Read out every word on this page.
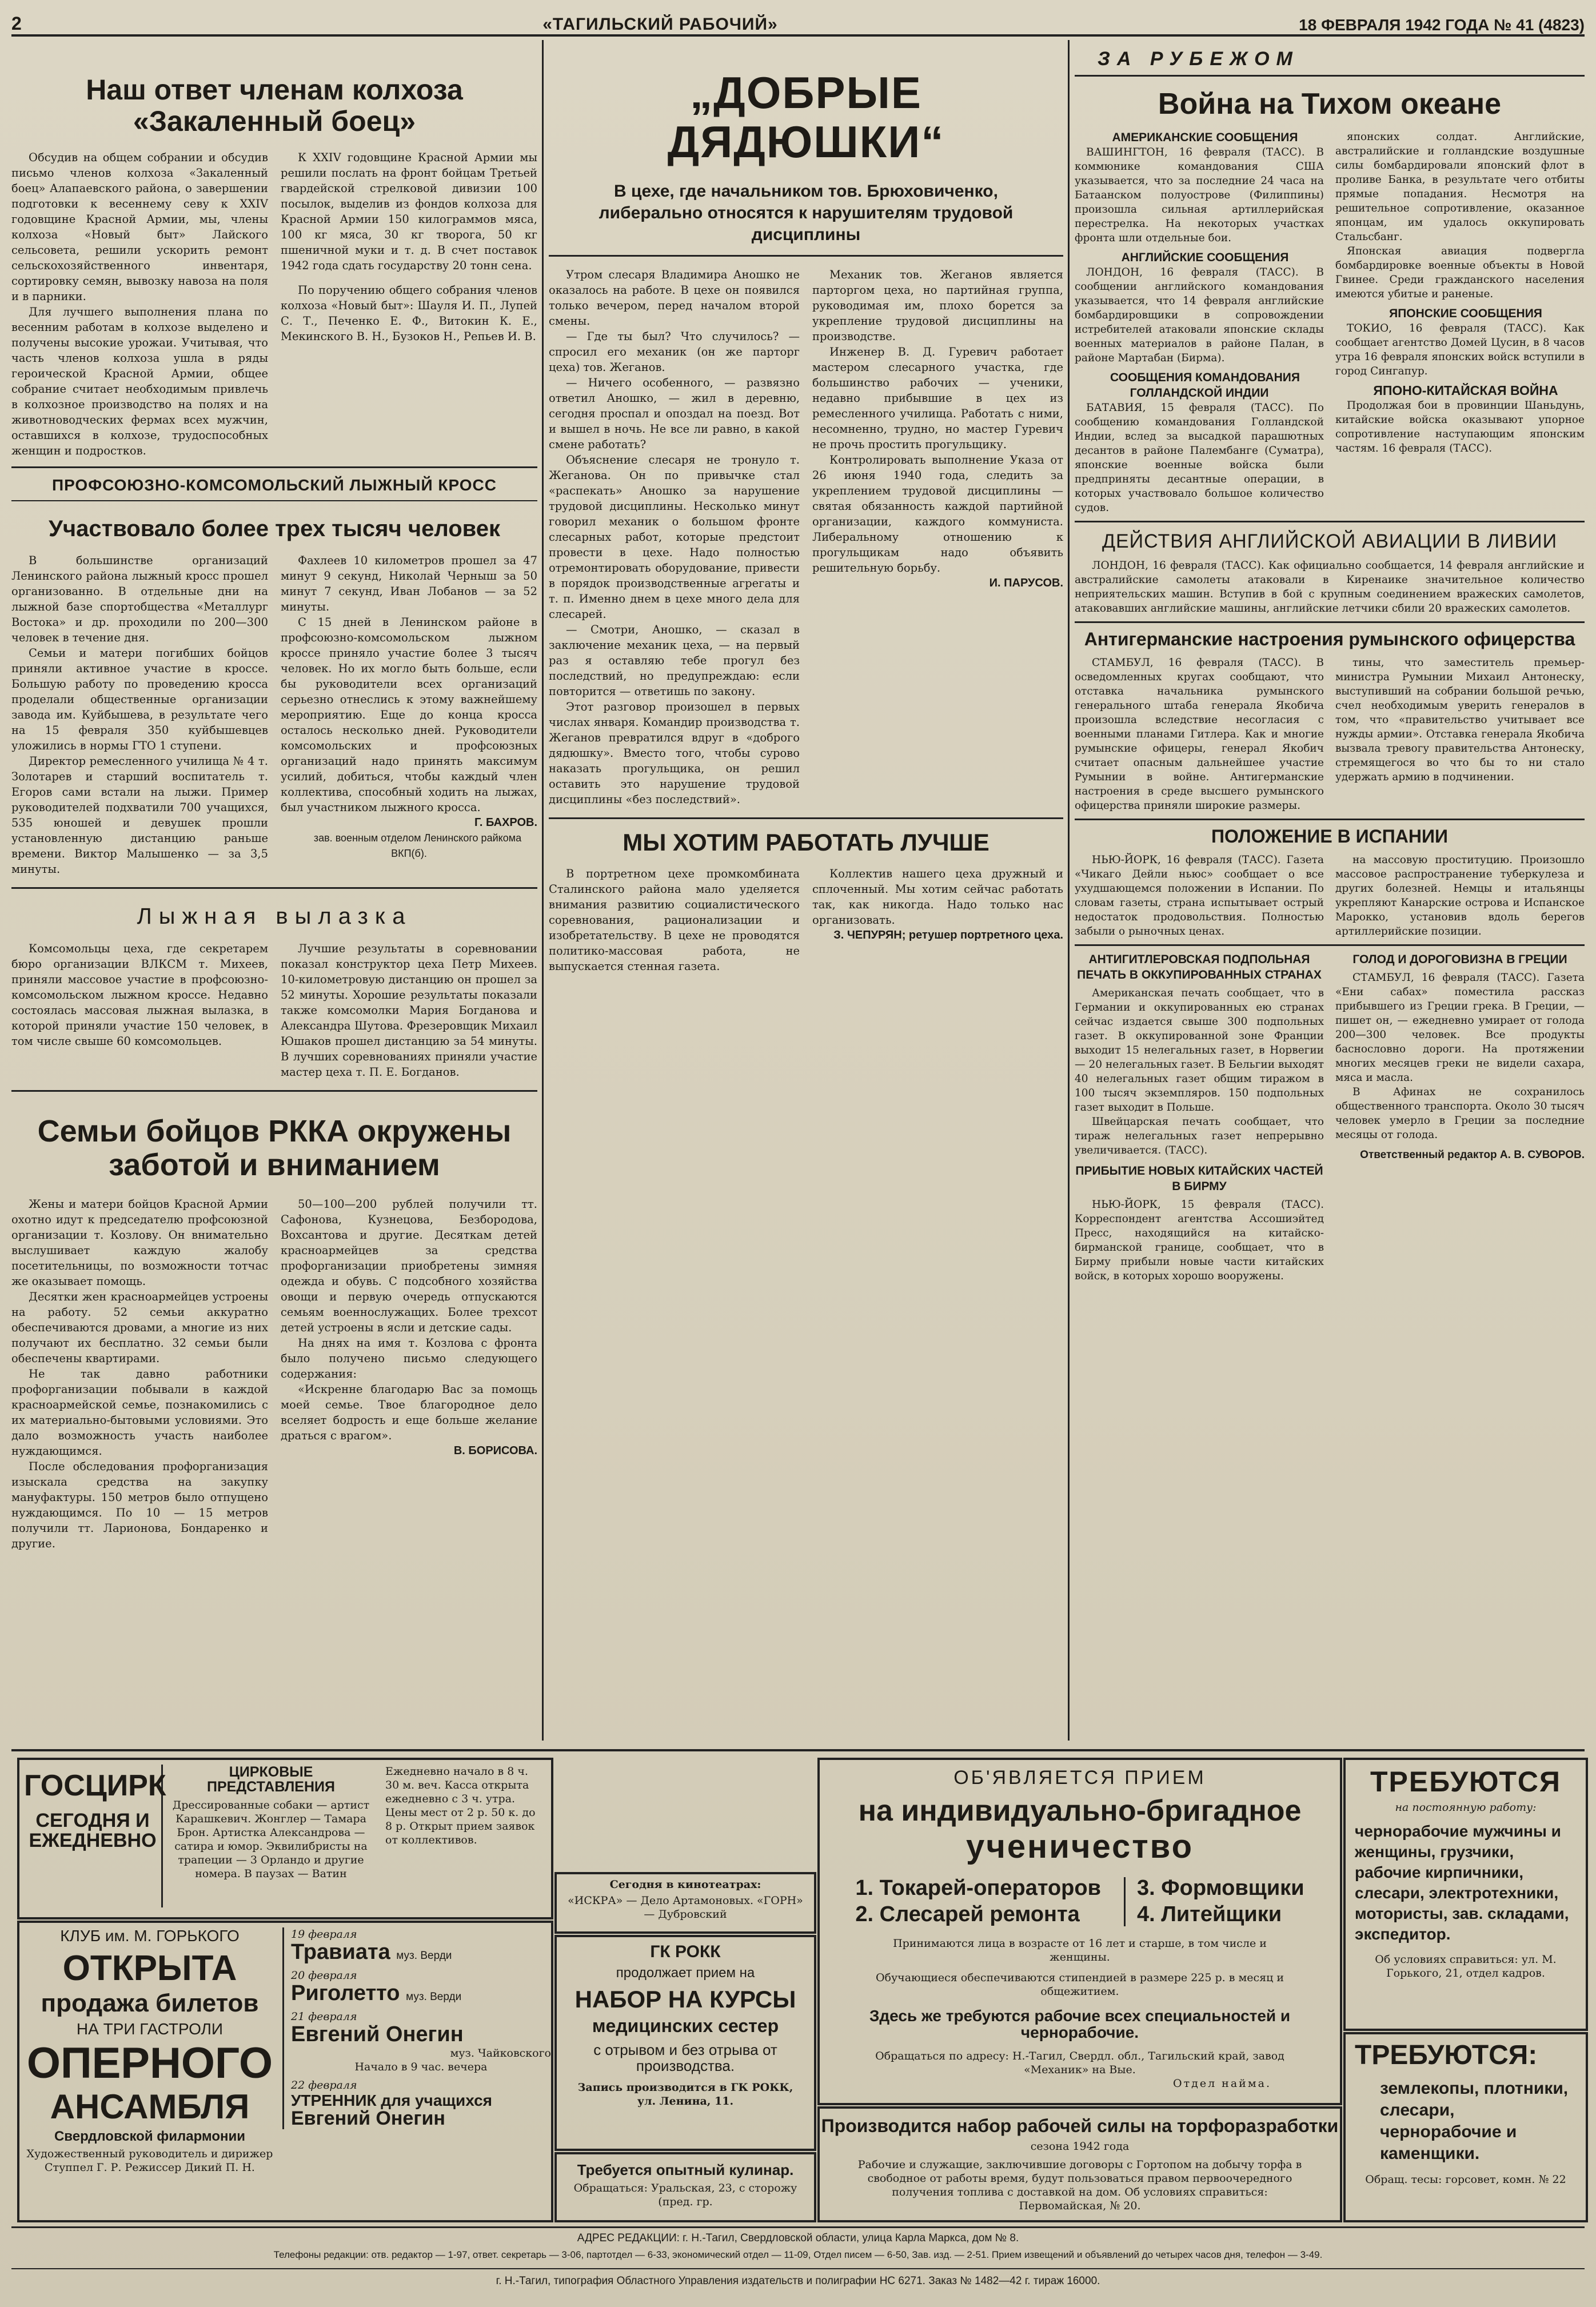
2	«ТАГИЛЬСКИЙ РАБОЧИЙ»	18 ФЕВРАЛЯ 1942 ГОДА № 41 (4823)
Наш ответ членам колхоза «Закаленный боец»

Обсудив на общем собрании и обсудив письмо членов колхоза «Закаленный боец» Алапаевского района, о завершении подготовки к весеннему севу к XXIV годовщине Красной Армии, мы, члены колхоза «Новый быт» Лайского сельсовета, решили ускорить ремонт сельскохозяйственного инвентаря, сортировку семян, вывозку навоза на поля и в парники.

Для лучшего выполнения плана по весенним работам в колхозе выделено и получены высокие урожаи. Учитывая, что часть членов колхоза ушла в ряды героической Красной Армии, общее собрание считает необходимым привлечь в колхозное производство на полях и на животноводческих фермах всех мужчин, оставшихся в колхозе, трудоспособных женщин и подростков.

К XXIV годовщине Красной Армии мы решили послать на фронт бойцам Третьей гвардейской стрелковой дивизии 100 посылок, выделив из фондов колхоза для Красной Армии 150 килограммов мяса, 100 кг мяса, 30 кг творога, 50 кг пшеничной муки и т. д. В счет поставок 1942 года сдать государству 20 тонн сена.

По поручению общего собрания членов колхоза «Новый быт»: Шауля И. П., Лупей С. Т., Печенко Е. Ф., Витокин К. Е., Мекинского В. Н., Бузоков Н., Репьев И. В.

ПРОФСОЮЗНО-КОМСОМОЛЬСКИЙ ЛЫЖНЫЙ КРОСС
Участвовало более трех тысяч человек

В большинстве организаций Ленинского района лыжный кросс прошел организованно. В отдельные дни на лыжной базе спортобщества «Металлург Востока» и др. проходили по 200—300 человек в течение дня.

Семьи и матери погибших бойцов приняли активное участие в кроссе. Большую работу по проведению кросса проделали общественные организации завода им. Куйбышева, в результате чего на 15 февраля 350 куйбышевцев уложились в нормы ГТО 1 ступени.

Директор ремесленного училища № 4 т. Золотарев и старший воспитатель т. Егоров сами встали на лыжи. Пример руководителей подхватили 700 учащихся, 535 юношей и девушек прошли установленную дистанцию раньше времени. Виктор Малышенко — за 3,5 минуты.

Фахлеев 10 километров прошел за 47 минут 9 секунд, Николай Черныш за 50 минут 7 секунд, Иван Лобанов — за 52 минуты.

С 15 дней в Ленинском районе в профсоюзно-комсомольском лыжном кроссе приняло участие более 3 тысяч человек. Но их могло быть больше, если бы руководители всех организаций серьезно отнеслись к этому важнейшему мероприятию. Еще до конца кросса осталось несколько дней. Руководители комсомольских и профсоюзных организаций надо принять максимум усилий, добиться, чтобы каждый член коллектива, способный ходить на лыжах, был участником лыжного кросса.

Г. БАХРОВ.
зав. военным отделом Ленинского райкома ВКП(б).
Лыжная вылазка
Комсомольцы цеха, где секретарем бюро организации ВЛКСМ т. Михеев, приняли массовое участие в профсоюзно-комсомольском лыжном кроссе. Недавно состоялась массовая лыжная вылазка, в которой приняли участие 150 человек, в том числе свыше 60 комсомольцев.
Лучшие результаты в соревновании показал конструктор цеха Петр Михеев. 10-километровую дистанцию он прошел за 52 минуты. Хорошие результаты показали также комсомолки Мария Богданова и Александра Шутова. Фрезеровщик Михаил Юшаков прошел дистанцию за 54 минуты. В лучших соревнованиях приняли участие мастер цеха т. П. Е. Богданов.
Семьи бойцов РККА окружены заботой и вниманием

Жены и матери бойцов Красной Армии охотно идут к председателю профсоюзной организации т. Козлову. Он внимательно выслушивает каждую жалобу посетительницы, по возможности тотчас же оказывает помощь.

Десятки жен красноармейцев устроены на работу. 52 семьи аккуратно обеспечиваются дровами, а многие из них получают их бесплатно. 32 семьи были обеспечены квартирами.

Не так давно работники профорганизации побывали в каждой красноармейской семье, познакомились с их материально-бытовыми условиями. Это дало возможность участь наиболее нуждающимся.

После обследования профорганизация изыскала средства на закупку мануфактуры. 150 метров было отпущено нуждающимся. По 10 — 15 метров получили тт. Ларионова, Бондаренко и другие.

50—100—200 рублей получили тт. Сафонова, Кузнецова, Безбородова, Вохсантова и другие. Десяткам детей красноармейцев за средства профорганизации приобретены зимняя одежда и обувь. С подсобного хозяйства овощи и первую очередь отпускаются семьям военнослужащих. Более трехсот детей устроены в ясли и детские сады.

На днях на имя т. Козлова с фронта было получено письмо следующего содержания:

«Искренне благодарю Вас за помощь моей семье. Твое благородное дело вселяет бодрость и еще больше желание драться с врагом».

В. БОРИСОВА.
„ДОБРЫЕ ДЯДЮШКИ“
В цехе, где начальником тов. Брюховиченко, либерально относятся к нарушителям трудовой дисциплины

Утром слесаря Владимира Аношко не оказалось на работе. В цехе он появился только вечером, перед началом второй смены.

— Где ты был? Что случилось? — спросил его механик (он же парторг цеха) тов. Жеганов.

— Ничего особенного, — развязно ответил Аношко, — жил в деревню, сегодня проспал и опоздал на поезд. Вот и вышел в ночь. Не все ли равно, в какой смене работать?

Объяснение слесаря не тронуло т. Жеганова. Он по привычке стал «распекать» Аношко за нарушение трудовой дисциплины. Несколько минут говорил механик о большом фронте слесарных работ, которые предстоит провести в цехе. Надо полностью отремонтировать оборудование, привести в порядок производственные агрегаты и т. п. Именно днем в цехе много дела для слесарей.

— Смотри, Аношко, — сказал в заключение механик цеха, — на первый раз я оставляю тебе прогул без последствий, но предупреждаю: если повторится — ответишь по закону.

Этот разговор произошел в первых числах января. Командир производства т. Жеганов превратился вдруг в «доброго дядюшку». Вместо того, чтобы сурово наказать прогульщика, он решил оставить это нарушение трудовой дисциплины «без последствий».

Механик тов. Жеганов является парторгом цеха, но партийная группа, руководимая им, плохо борется за укрепление трудовой дисциплины на производстве.

Инженер В. Д. Гуревич работает мастером слесарного участка, где большинство рабочих — ученики, недавно прибывшие в цех из ремесленного училища. Работать с ними, несомненно, трудно, но мастер Гуревич не прочь простить прогульщику.

Контролировать выполнение Указа от 26 июня 1940 года, следить за укреплением трудовой дисциплины — святая обязанность каждой партийной организации, каждого коммуниста. Либеральному отношению к прогульщикам надо объявить решительную борьбу.

И. ПАРУСОВ.
МЫ ХОТИМ РАБОТАТЬ ЛУЧШЕ
В портретном цехе промкомбината Сталинского района мало уделяется внимания развитию социалистического соревнования, рационализации и изобретательству. В цехе не проводятся политико-массовая работа, не выпускается стенная газета.

Коллектив нашего цеха дружный и сплоченный. Мы хотим сейчас работать так, как никогда. Надо только нас организовать.

З. ЧЕПУРЯН; ретушер портретного цеха.
ЗА РУБЕЖОМ
Война на Тихом океане
АМЕРИКАНСКИЕ СООБЩЕНИЯ

ВАШИНГТОН, 16 февраля (ТАСС). В коммюнике командования США указывается, что за последние 24 часа на Батаанском полуострове (Филиппины) произошла сильная артиллерийская перестрелка. На некоторых участках фронта шли отдельные бои.

АНГЛИЙСКИЕ СООБЩЕНИЯ

ЛОНДОН, 16 февраля (ТАСС). В сообщении английского командования указывается, что 14 февраля английские бомбардировщики в сопровождении истребителей атаковали японские склады военных материалов в районе Палан, в районе Мартабан (Бирма).

СООБЩЕНИЯ КОМАНДОВАНИЯ ГОЛЛАНДСКОЙ ИНДИИ

БАТАВИЯ, 15 февраля (ТАСС). По сообщению командования Голландской Индии, вслед за высадкой парашютных десантов в районе Палембанге (Суматра), японские военные войска были предприняты десантные операции, в которых участвовало большое количество судов.

японских солдат. Английские, австралийские и голландские воздушные силы бомбардировали японский флот в проливе Банка, в результате чего отбиты прямые попадания. Несмотря на решительное сопротивление, оказанное японцам, им удалось оккупировать Стальсбанг.

Японская авиация подвергла бомбардировке военные объекты в Новой Гвинее. Среди гражданского населения имеются убитые и раненые.

ЯПОНСКИЕ СООБЩЕНИЯ

ТОКИО, 16 февраля (ТАСС). Как сообщает агентство Домей Цусин, в 8 часов утра 16 февраля японских войск вступили в город Сингапур.

ЯПОНО-КИТАЙСКАЯ ВОЙНА

Продолжая бои в провинции Шаньдунь, китайские войска оказывают упорное сопротивление наступающим японским частям. 16 февраля (ТАСС).

ДЕЙСТВИЯ АНГЛИЙСКОЙ АВИАЦИИ В ЛИВИИ
ЛОНДОН, 16 февраля (ТАСС). Как официально сообщается, 14 февраля английские и австралийские самолеты атаковали в Киренаике значительное количество неприятельских машин. Вступив в бой с крупным соединением вражеских самолетов, атаковавших английские машины, английские летчики сбили 20 вражеских самолетов.
Антигерманские настроения румынского офицерства
СТАМБУЛ, 16 февраля (ТАСС). В осведомленных кругах сообщают, что отставка начальника румынского генерального штаба генерала Якобича произошла вследствие несогласия с военными планами Гитлера. Как и многие румынские офицеры, генерал Якобич считает опасным дальнейшее участие Румынии в войне. Антигерманские настроения в среде высшего румынского офицерства приняли широкие размеры.
тины, что заместитель премьер-министра Румынии Михаил Антонеску, выступивший на собрании большой речью, счел необходимым уверить генералов в том, что «правительство учитывает все нужды армии». Отставка генерала Якобича вызвала тревогу правительства Антонеску, стремящегося во что бы то ни стало удержать армию в подчинении.
ПОЛОЖЕНИЕ В ИСПАНИИ
НЬЮ-ЙОРК, 16 февраля (ТАСС). Газета «Чикаго Дейли ньюс» сообщает о все ухудшающемся положении в Испании. По словам газеты, страна испытывает острый недостаток продовольствия. Полностью забыли о рыночных ценах.
на массовую проституцию. Произошло массовое распространение туберкулеза и других болезней. Немцы и итальянцы укрепляют Канарские острова и Испанское Марокко, установив вдоль берегов артиллерийские позиции.
АНТИГИТЛЕРОВСКАЯ ПОДПОЛЬНАЯ ПЕЧАТЬ В ОККУПИРОВАННЫХ СТРАНАХ

Американская печать сообщает, что в Германии и оккупированных ею странах сейчас издается свыше 300 подпольных газет. В оккупированной зоне Франции выходит 15 нелегальных газет, в Норвегии — 20 нелегальных газет. В Бельгии выходят 40 нелегальных газет общим тиражом в 100 тысяч экземпляров. 150 подпольных газет выходит в Польше.

Швейцарская печать сообщает, что тираж нелегальных газет непрерывно увеличивается. (ТАСС).

ПРИБЫТИЕ НОВЫХ КИТАЙСКИХ ЧАСТЕЙ В БИРМУ
НЬЮ-ЙОРК, 15 февраля (ТАСС). Корреспондент агентства Ассошиэйтед Пресс, находящийся на китайско-бирманской границе, сообщает, что в Бирму прибыли новые части китайских войск, в которых хорошо вооружены.
ГОЛОД И ДОРОГОВИЗНА В ГРЕЦИИ

СТАМБУЛ, 16 февраля (ТАСС). Газета «Ени сабах» поместила рассказ прибывшего из Греции грека. В Греции, — пишет он, — ежедневно умирает от голода 200—300 человек. Все продукты баснословно дороги. На протяжении многих месяцев греки не видели сахара, мяса и масла.

В Афинах не сохранилось общественного транспорта. Около 30 тысяч человек умерло в Греции за последние месяцы от голода.

Ответственный редактор А. В. СУВОРОВ.
ГОСЦИРК
СЕГОДНЯ И ЕЖЕДНЕВНО
ЦИРКОВЫЕ ПРЕДСТАВЛЕНИЯ
Дрессированные собаки — артист Карашкевич. Жонглер — Тамара Брон. Артистка Александрова — сатира и юмор. Эквилибристы на трапеции — 3 Орландо и другие номера. В паузах — Ватин
Ежедневно начало в 8 ч. 30 м. веч. Касса открыта ежедневно с 3 ч. утра. Цены мест от 2 р. 50 к. до 8 р. Открыт прием заявок от коллективов.
КЛУБ им. М. ГОРЬКОГО
ОТКРЫТА
продажа билетов
НА ТРИ ГАСТРОЛИ
ОПЕРНОГО
АНСАМБЛЯ
Свердловской филармонии
Художественный руководитель и дирижер Ступпел Г. Р. Режиссер Дикий П. Н.
19 февраля
Травиата муз. Верди
20 февраля
Риголетто муз. Верди
21 февраля
Евгений Онегин
муз. Чайковского
Начало в 9 час. вечера
22 февраля
УТРЕННИК для учащихся
Евгений Онегин
Сегодня в кинотеатрах:
«ИСКРА» — Дело Артамоновых. «ГОРН» — Дубровский
ГК РОКК
продолжает прием на
НАБОР НА КУРСЫ
медицинских сестер
с отрывом и без отрыва от производства.
Запись производится в ГК РОКК, ул. Ленина, 11.
Требуется опытный кулинар.
Обращаться: Уральская, 23, с сторожу (пред. гр.
ОБ'ЯВЛЯЕТСЯ ПРИЕМ
на индивидуально-бригадное
ученичество
1. Токарей-операторов
2. Слесарей ремонта
3. Формовщики
4. Литейщики
Принимаются лица в возрасте от 16 лет и старше, в том числе и женщины.
Обучающиеся обеспечиваются стипендией в размере 225 р. в месяц и общежитием.
Здесь же требуются рабочие всех специальностей и чернорабочие.
Обращаться по адресу: Н.-Тагил, Свердл. обл., Тагильский край, завод «Механик» на Вые.
Отдел найма.
Производится набор рабочей силы на торфоразработки
сезона 1942 года
Рабочие и служащие, заключившие договоры с Гортопом на добычу торфа в свободное от работы время, будут пользоваться правом первоочередного получения топлива с доставкой на дом. Об условиях справиться: Первомайская, № 20.
ТРЕБУЮТСЯ
на постоянную работу:
чернорабочие мужчины и женщины, грузчики, рабочие кирпичники, слесари, электротехники, мотористы, зав. складами, экспедитор.
Об условиях справиться: ул. М. Горького, 21, отдел кадров.
ТРЕБУЮТСЯ:
землекопы, плотники, слесари, чернорабочие и каменщики.
Обращ. тесы: горсовет, комн. № 22
АДРЕС РЕДАКЦИИ: г. Н.-Тагил, Свердловской области, улица Карла Маркса, дом № 8.
Телефоны редакции: отв. редактор — 1-97, ответ. секретарь — 3-06, партотдел — 6-33, экономический отдел — 11-09, Отдел писем — 6-50, Зав. изд. — 2-51. Прием извещений и объявлений до четырех часов дня, телефон — 3-49.
г. Н.-Тагил, типография Областного Управления издательств и полиграфии НС 6271. Заказ № 1482—42 г. тираж 16000.
